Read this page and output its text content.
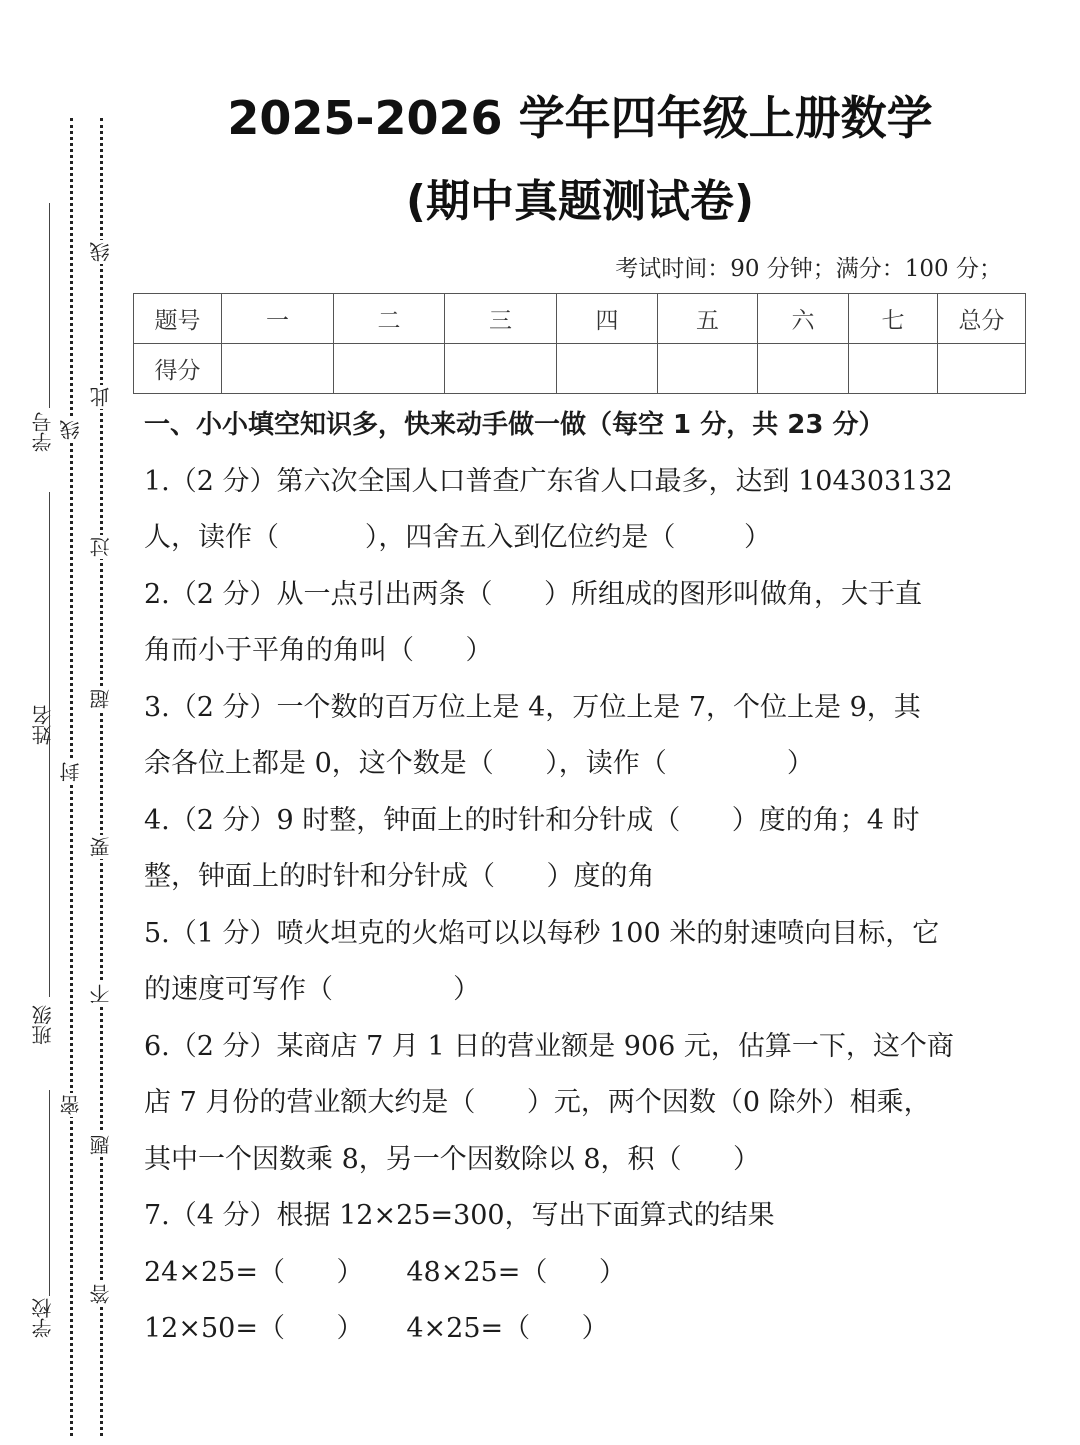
学号
姓名
班级
学校
线
封
密
线
此
过
超
要
不
题
答
2025-2026 学年四年级上册数学
(期中真题测试卷)
考试时间：90 分钟；满分：100 分；
题号	一	二	三	四	五	六	七	总分
得分								
一、小小填空知识多，快来动手做一做（每空 1 分，共 23 分）
1.（2 分）第六次全国人口普查广东省人口最多，达到 104303132
人，读作（          ），四舍五入到亿位约是（        ）
2.（2 分）从一点引出两条（      ）所组成的图形叫做角，大于直
角而小于平角的角叫（      ）
3.（2 分）一个数的百万位上是 4，万位上是 7，个位上是 9，其
余各位上都是 0，这个数是（      ），读作（              ）
4.（2 分）9 时整，钟面上的时针和分针成（      ）度的角；4 时
整，钟面上的时针和分针成（      ）度的角
5.（1 分）喷火坦克的火焰可以以每秒 100 米的射速喷向目标，它
的速度可写作（              ）
6.（2 分）某商店 7 月 1 日的营业额是 906 元，估算一下，这个商
店 7 月份的营业额大约是（      ）元，两个因数（0 除外）相乘，
其中一个因数乘 8，另一个因数除以 8，积（      ）
7.（4 分）根据 12×25=300，写出下面算式的结果
24×25=（      ）     48×25=（      ）
12×50=（      ）     4×25=（      ）
